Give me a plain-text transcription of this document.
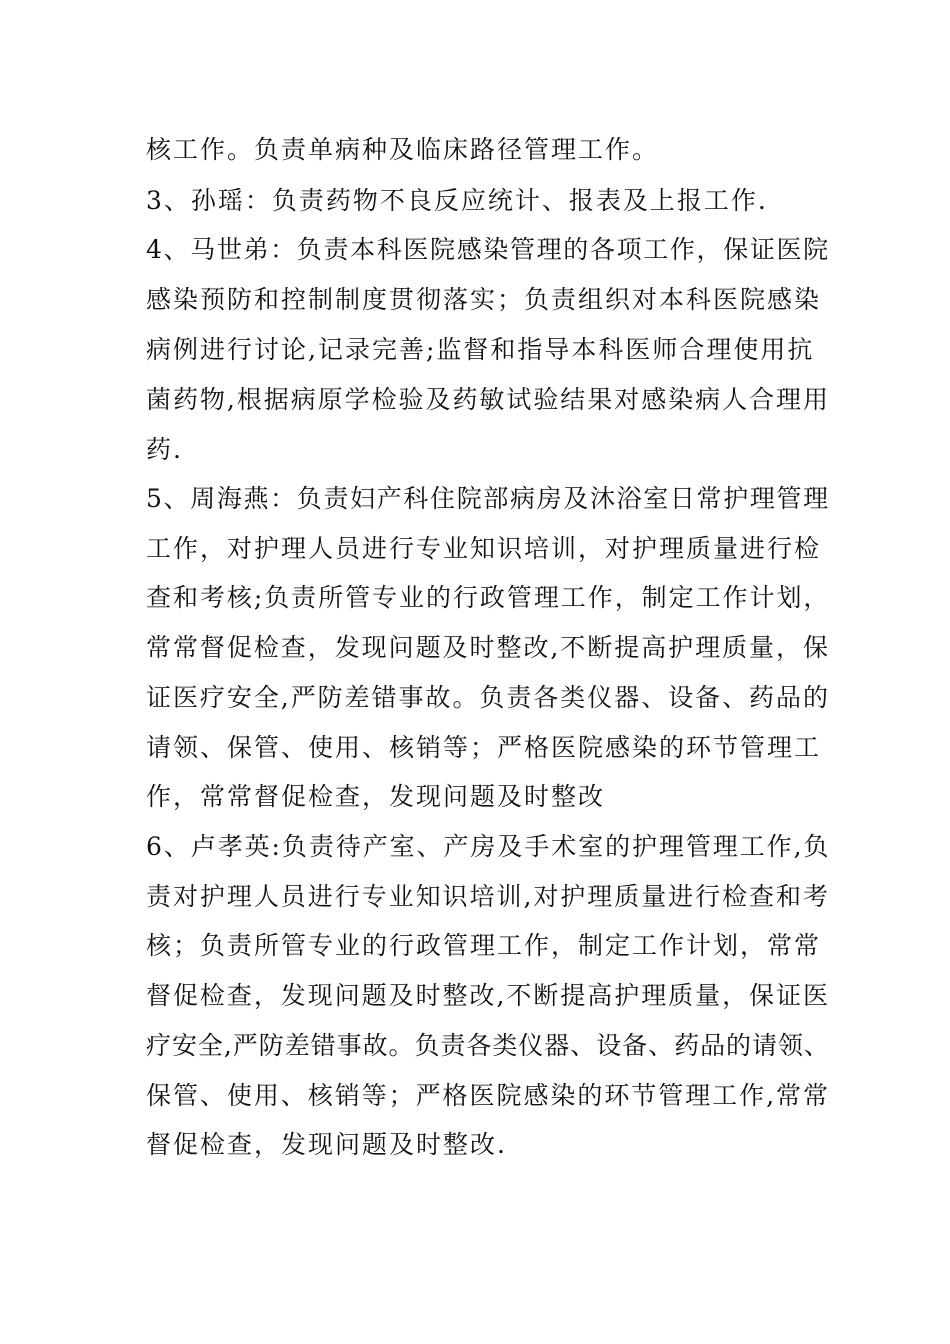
核工作。负责单病种及临床路径管理工作。
3、孙瑶：负责药物不良反应统计、报表及上报工作.
4、马世弟：负责本科医院感染管理的各项工作，保证医院
感染预防和控制制度贯彻落实；负责组织对本科医院感染
病例进行讨论,记录完善;监督和指导本科医师合理使用抗
菌药物,根据病原学检验及药敏试验结果对感染病人合理用
药.
5、周海燕：负责妇产科住院部病房及沐浴室日常护理管理
工作，对护理人员进行专业知识培训，对护理质量进行检
查和考核;负责所管专业的行政管理工作，制定工作计划，
常常督促检查，发现问题及时整改,不断提高护理质量，保
证医疗安全,严防差错事故。负责各类仪器、设备、药品的
请领、保管、使用、核销等；严格医院感染的环节管理工
作，常常督促检查，发现问题及时整改
6、卢孝英:负责待产室、产房及手术室的护理管理工作,负
责对护理人员进行专业知识培训,对护理质量进行检查和考
核；负责所管专业的行政管理工作，制定工作计划，常常
督促检查，发现问题及时整改,不断提高护理质量，保证医
疗安全,严防差错事故。负责各类仪器、设备、药品的请领、
保管、使用、核销等；严格医院感染的环节管理工作,常常
督促检查，发现问题及时整改.
